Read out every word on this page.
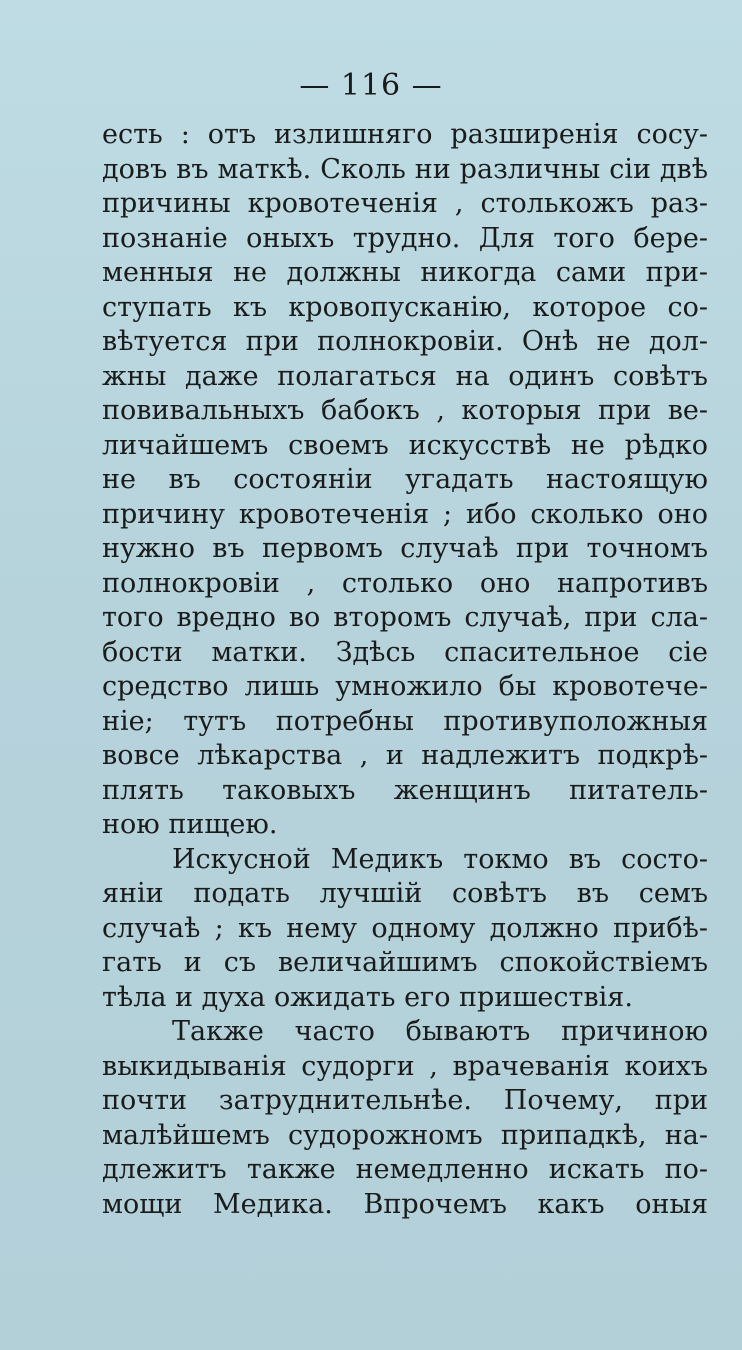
— 116 —
есть : отъ излишняго разширенія сосу-
довъ въ маткѣ. Сколь ни различны сіи двѣ
причины кровотеченія , столькожъ раз-
познаніе оныхъ трудно. Для того бере-
менныя не должны никогда сами при-
ступать къ кровопусканію, которое со-
вѣтуется при полнокровіи. Онѣ не дол-
жны даже полагаться на одинъ совѣтъ
повивальныхъ бабокъ , которыя при ве-
личайшемъ своемъ искусствѣ не рѣдко
не въ состояніи угадать настоящую
причину кровотеченія ; ибо сколько оно
нужно въ первомъ случаѣ при точномъ
полнокровіи , столько оно напротивъ
того вредно во второмъ случаѣ, при сла-
бости матки. Здѣсь спасительное сіе
средство лишь умножило бы кровотече-
ніе; тутъ потребны противуположныя
вовсе лѣкарства , и надлежитъ подкрѣ-
плять таковыхъ женщинъ питатель-
ною пищею.
Искусной Медикъ токмо въ состо-
яніи подать лучшій совѣтъ въ семъ
случаѣ ; къ нему одному должно прибѣ-
гать и съ величайшимъ спокойствіемъ
тѣла и духа ожидать его пришествія.
Также часто бываютъ причиною
выкидыванія судорги , врачеванія коихъ
почти затруднительнѣе. Почему, при
малѣйшемъ судорожномъ припадкѣ, на-
длежитъ также немедленно искать по-
мощи Медика. Впрочемъ какъ оныя
